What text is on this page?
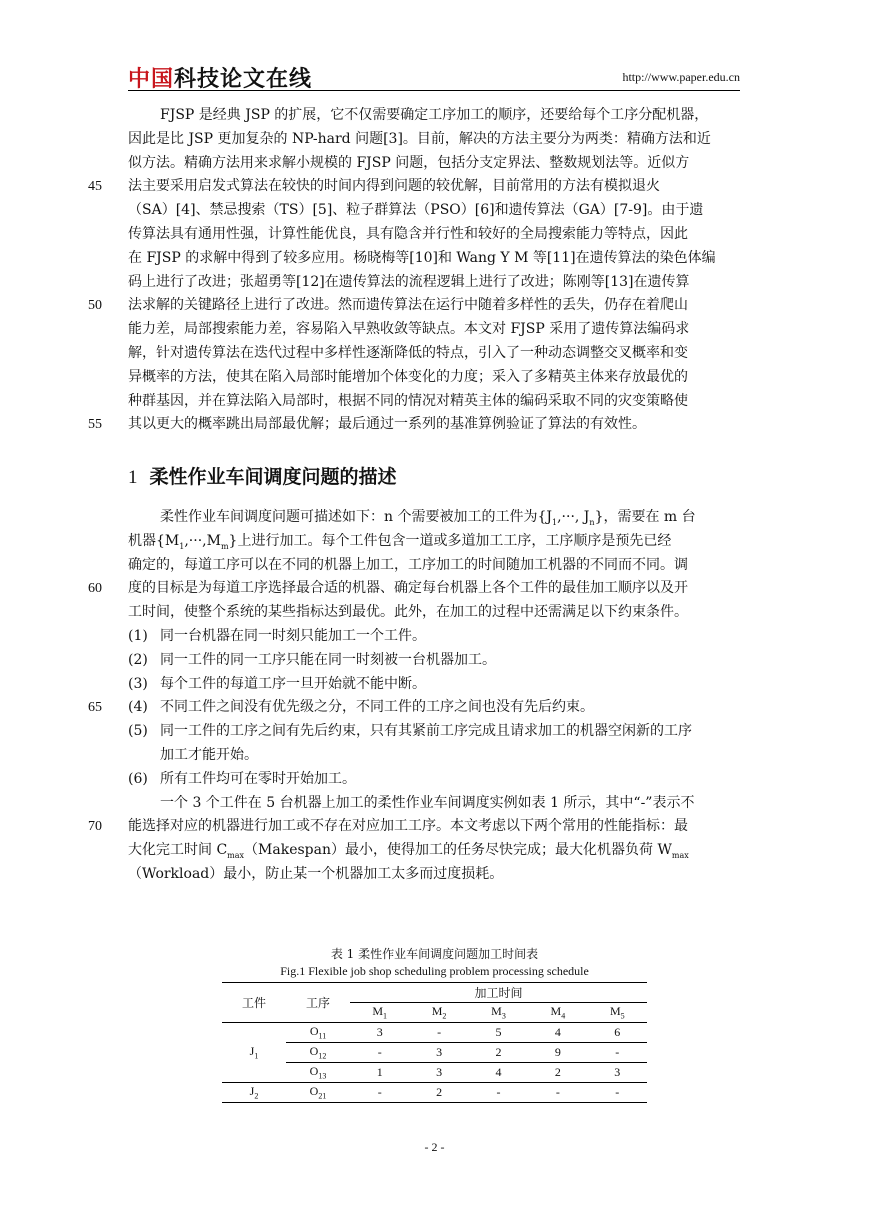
中国科技论文在线	http://www.paper.edu.cn
FJSP 是经典 JSP 的扩展，它不仅需要确定工序加工的顺序，还要给每个工序分配机器，
因此是比 JSP 更加复杂的 NP-hard 问题[3]。目前，解决的方法主要分为两类：精确方法和近
似方法。精确方法用来求解小规模的 FJSP 问题，包括分支定界法、整数规划法等。近似方
45 法主要采用启发式算法在较快的时间内得到问题的较优解，目前常用的方法有模拟退火
（SA）[4]、禁忌搜索（TS）[5]、粒子群算法（PSO）[6]和遗传算法（GA）[7-9]。由于遗
传算法具有通用性强，计算性能优良，具有隐含并行性和较好的全局搜索能力等特点，因此
在 FJSP 的求解中得到了较多应用。杨晓梅等[10]和 Wang Y M 等[11]在遗传算法的染色体编
码上进行了改进；张超勇等[12]在遗传算法的流程逻辑上进行了改进；陈刚等[13]在遗传算
50 法求解的关键路径上进行了改进。然而遗传算法在运行中随着多样性的丢失，仍存在着爬山
能力差，局部搜索能力差，容易陷入早熟收敛等缺点。本文对 FJSP 采用了遗传算法编码求
解，针对遗传算法在迭代过程中多样性逐渐降低的特点，引入了一种动态调整交叉概率和变
异概率的方法，使其在陷入局部时能增加个体变化的力度；采入了多精英主体来存放最优的
种群基因，并在算法陷入局部时，根据不同的情况对精英主体的编码采取不同的灾变策略使
55 其以更大的概率跳出局部最优解；最后通过一系列的基准算例验证了算法的有效性。
1 柔性作业车间调度问题的描述
柔性作业车间调度问题可描述如下：n 个需要被加工的工件为{$J_1,\cdot\cdot\cdot$, $J_n$}，需要在 m 台
机器$\{M_1,\cdot\cdot\cdot,M_m\}$上进行加工。每个工件包含一道或多道加工工序，工序顺序是预先已经
确定的，每道工序可以在不同的机器上加工，工序加工的时间随加工机器的不同而不同。调
60 度的目标是为每道工序选择最合适的机器、确定每台机器上各个工件的最佳加工顺序以及开
工时间，使整个系统的某些指标达到最优。此外，在加工的过程中还需满足以下约束条件。
(1) 同一台机器在同一时刻只能加工一个工件。
(2) 同一工件的同一工序只能在同一时刻被一台机器加工。
(3) 每个工件的每道工序一旦开始就不能中断。
65 (4) 不同工件之间没有优先级之分，不同工件的工序之间也没有先后约束。
(5) 同一工件的工序之间有先后约束，只有其紧前工序完成且请求加工的机器空闲新的工序
加工才能开始。
(6) 所有工件均可在零时开始加工。
一个 3 个工件在 5 台机器上加工的柔性作业车间调度实例如表 1 所示，其中“-”表示不
70 能选择对应的机器进行加工或不存在对应加工工序。本文考虑以下两个常用的性能指标：最
大化完工时间 $C_{max}(Makespan)$最小，使得加工的任务尽快完成；最大化机器负荷 $W_{max}$
（Workload）最小，防止某一个机器加工太多而过度损耗。
表 1 柔性作业车间调度问题加工时间表
Fig.1 Flexible job shop scheduling problem processing schedule
工件	工序	加工时间				
		$M_1$	$M_2$	$M_3$	$M_4$	$M_5$
$J_1$	$O_{11}$	3	-	5	4	6
	$O_{12}$	-	3	2	9	-
	$O_{13}$	1	3	4	2	3
$J_2$	$O_{21}$	-	2	-	-	-
- 2 -
